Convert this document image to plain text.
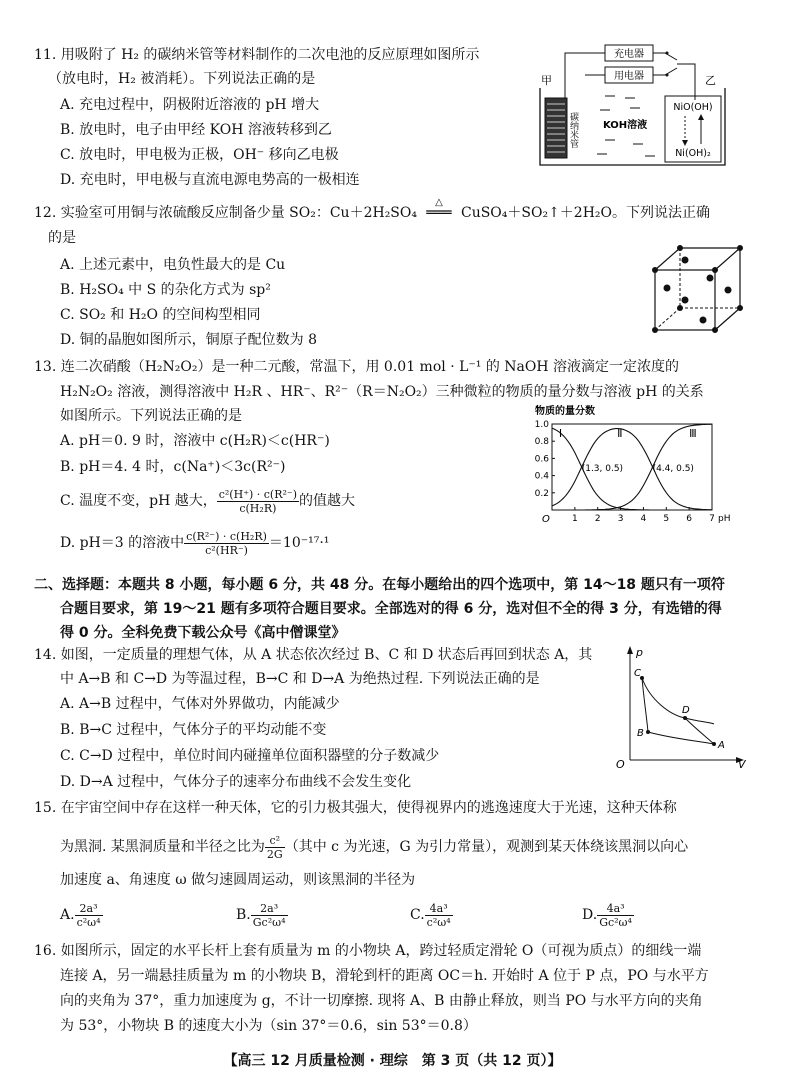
11. 用吸附了 H₂ 的碳纳米管等材料制作的二次电池的反应原理如图所示
（放电时，H₂ 被消耗）。下列说法正确的是
A. 充电过程中，阴极附近溶液的 pH 增大
B. 放电时，电子由甲经 KOH 溶液转移到乙
C. 放电时，甲电极为正极，OH⁻ 移向乙电极
D. 充电时，甲电极与直流电源电势高的一极相连
充电器
用电器
甲	乙
碳纳米管	KOH溶液
NiO(OH)
Ni(OH)₂
12. 实验室可用铜与浓硫酸反应制备少量 SO₂：Cu＋2H₂SO₄
△
═══ CuSO₄＋SO₂↑＋2H₂O。下列说法正确
的是
A. 上述元素中，电负性最大的是 Cu
B. H₂SO₄ 中 S 的杂化方式为 sp²
C. SO₂ 和 H₂O 的空间构型相同
D. 铜的晶胞如图所示，铜原子配位数为 8
13. 连二次硝酸（H₂N₂O₂）是一种二元酸，常温下，用 0.01 mol · L⁻¹ 的 NaOH 溶液滴定一定浓度的
H₂N₂O₂ 溶液，测得溶液中 H₂R 、HR⁻、R²⁻（R＝N₂O₂）三种微粒的物质的量分数与溶液 pH 的关系
如图所示。下列说法正确的是
A. pH＝0. 9 时，溶液中 c(H₂R)＜c(HR⁻)
B. pH＝4. 4 时，c(Na⁺)＜3c(R²⁻)
C. 温度不变，pH 越大， $\frac{\text{c²(H⁺) · c(R²⁻)}}{\text{c(H₂R)}}$ 的值越大
D. pH＝3 的溶液中 $\frac{\text{c(R²⁻) · c(H₂R)}}{\text{c²(HR⁻)}} =10^{-17}\cdot^1$
物质的量分数
1 2 3 4 5 6 7
0.2
0.4
0.6
0.8
1.0
O	pH
Ⅰ	Ⅱ	Ⅲ
(1.3, 0.5)	(4.4, 0.5)
二、选择题：本题共 8 小题，每小题 6 分，共 48 分。在每小题给出的四个选项中，第 14～18 题只有一项符
合题目要求，第 19～21 题有多项符合题目要求。全部选对的得 6 分，选对但不全的得 3 分，有选错的得
得 0 分。全科免费下载公众号《高中僧课堂》
14. 如图，一定质量的理想气体，从 A 状态依次经过 B、C 和 D 状态后再回到状态 A，其
中 A→B 和 C→D 为等温过程，B→C 和 D→A 为绝热过程. 下列说法正确的是
A. A→B 过程中，气体对外界做功，内能减少
B. B→C 过程中，气体分子的平均动能不变
C. C→D 过程中，单位时间内碰撞单位面积器壁的分子数减少
D. D→A 过程中，气体分子的速率分布曲线不会发生变化
p
V
O
C
D
B
A
15. 在宇宙空间中存在这样一种天体，它的引力极其强大，使得视界内的逃逸速度大于光速，这种天体称
为黑洞. 某黑洞质量和半径之比为 $\frac{\text{c²}}{2G}$ （其中 c 为光速，G 为引力常量），观测到某天体绕该黑洞以向心
加速度 a、角速度 ω 做匀速圆周运动，则该黑洞的半径为
A. $\frac{\text{2a³}}{\text{c²ω⁴}}$	B. $\frac{\text{2a³}}{\text{Gc²ω⁴}}$	C. $\frac{\text{4a³}}{\text{c²ω⁴}}$	D. $\frac{\text{4a³}}{\text{Gc²ω⁴}}$
16. 如图所示，固定的水平长杆上套有质量为 m 的小物块 A，跨过轻质定滑轮 O（可视为质点）的细线一端
连接 A，另一端悬挂质量为 m 的小物块 B，滑轮到杆的距离 OC＝h. 开始时 A 位于 P 点，PO 与水平方
向的夹角为 37°，重力加速度为 g，不计一切摩擦. 现将 A、B 由静止释放，则当 PO 与水平方向的夹角
为 53°，小物块 B 的速度大小为（sin 37°＝0.6，sin 53°＝0.8）
【高三 12 月质量检测 · 理综　第 3 页（共 12 页）】
